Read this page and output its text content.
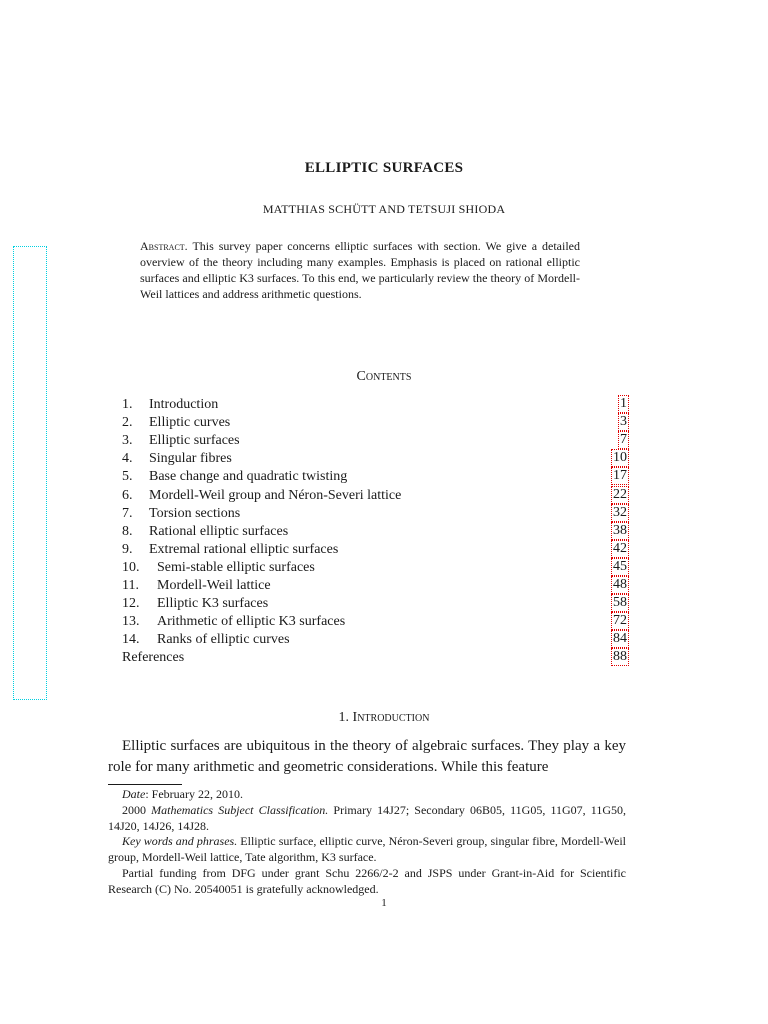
ELLIPTIC SURFACES
MATTHIAS SCHÜTT AND TETSUJI SHIODA
Abstract. This survey paper concerns elliptic surfaces with section. We give a detailed overview of the theory including many examples. Emphasis is placed on rational elliptic surfaces and elliptic K3 surfaces. To this end, we particularly review the theory of Mordell-Weil lattices and address arithmetic questions.
Contents
1. Introduction	1
2. Elliptic curves	3
3. Elliptic surfaces	7
4. Singular fibres	10
5. Base change and quadratic twisting	17
6. Mordell-Weil group and Néron-Severi lattice	22
7. Torsion sections	32
8. Rational elliptic surfaces	38
9. Extremal rational elliptic surfaces	42
10. Semi-stable elliptic surfaces	45
11. Mordell-Weil lattice	48
12. Elliptic K3 surfaces	58
13. Arithmetic of elliptic K3 surfaces	72
14. Ranks of elliptic curves	84
References	88
1. Introduction
Elliptic surfaces are ubiquitous in the theory of algebraic surfaces. They play a key role for many arithmetic and geometric considerations. While this feature

Date: February 22, 2010.

2000 Mathematics Subject Classification. Primary 14J27; Secondary 06B05, 11G05, 11G07, 11G50, 14J20, 14J26, 14J28.

Key words and phrases. Elliptic surface, elliptic curve, Néron-Severi group, singular fibre, Mordell-Weil group, Mordell-Weil lattice, Tate algorithm, K3 surface.

Partial funding from DFG under grant Schu 2266/2-2 and JSPS under Grant-in-Aid for Scientific Research (C) No. 20540051 is gratefully acknowledged.

1
